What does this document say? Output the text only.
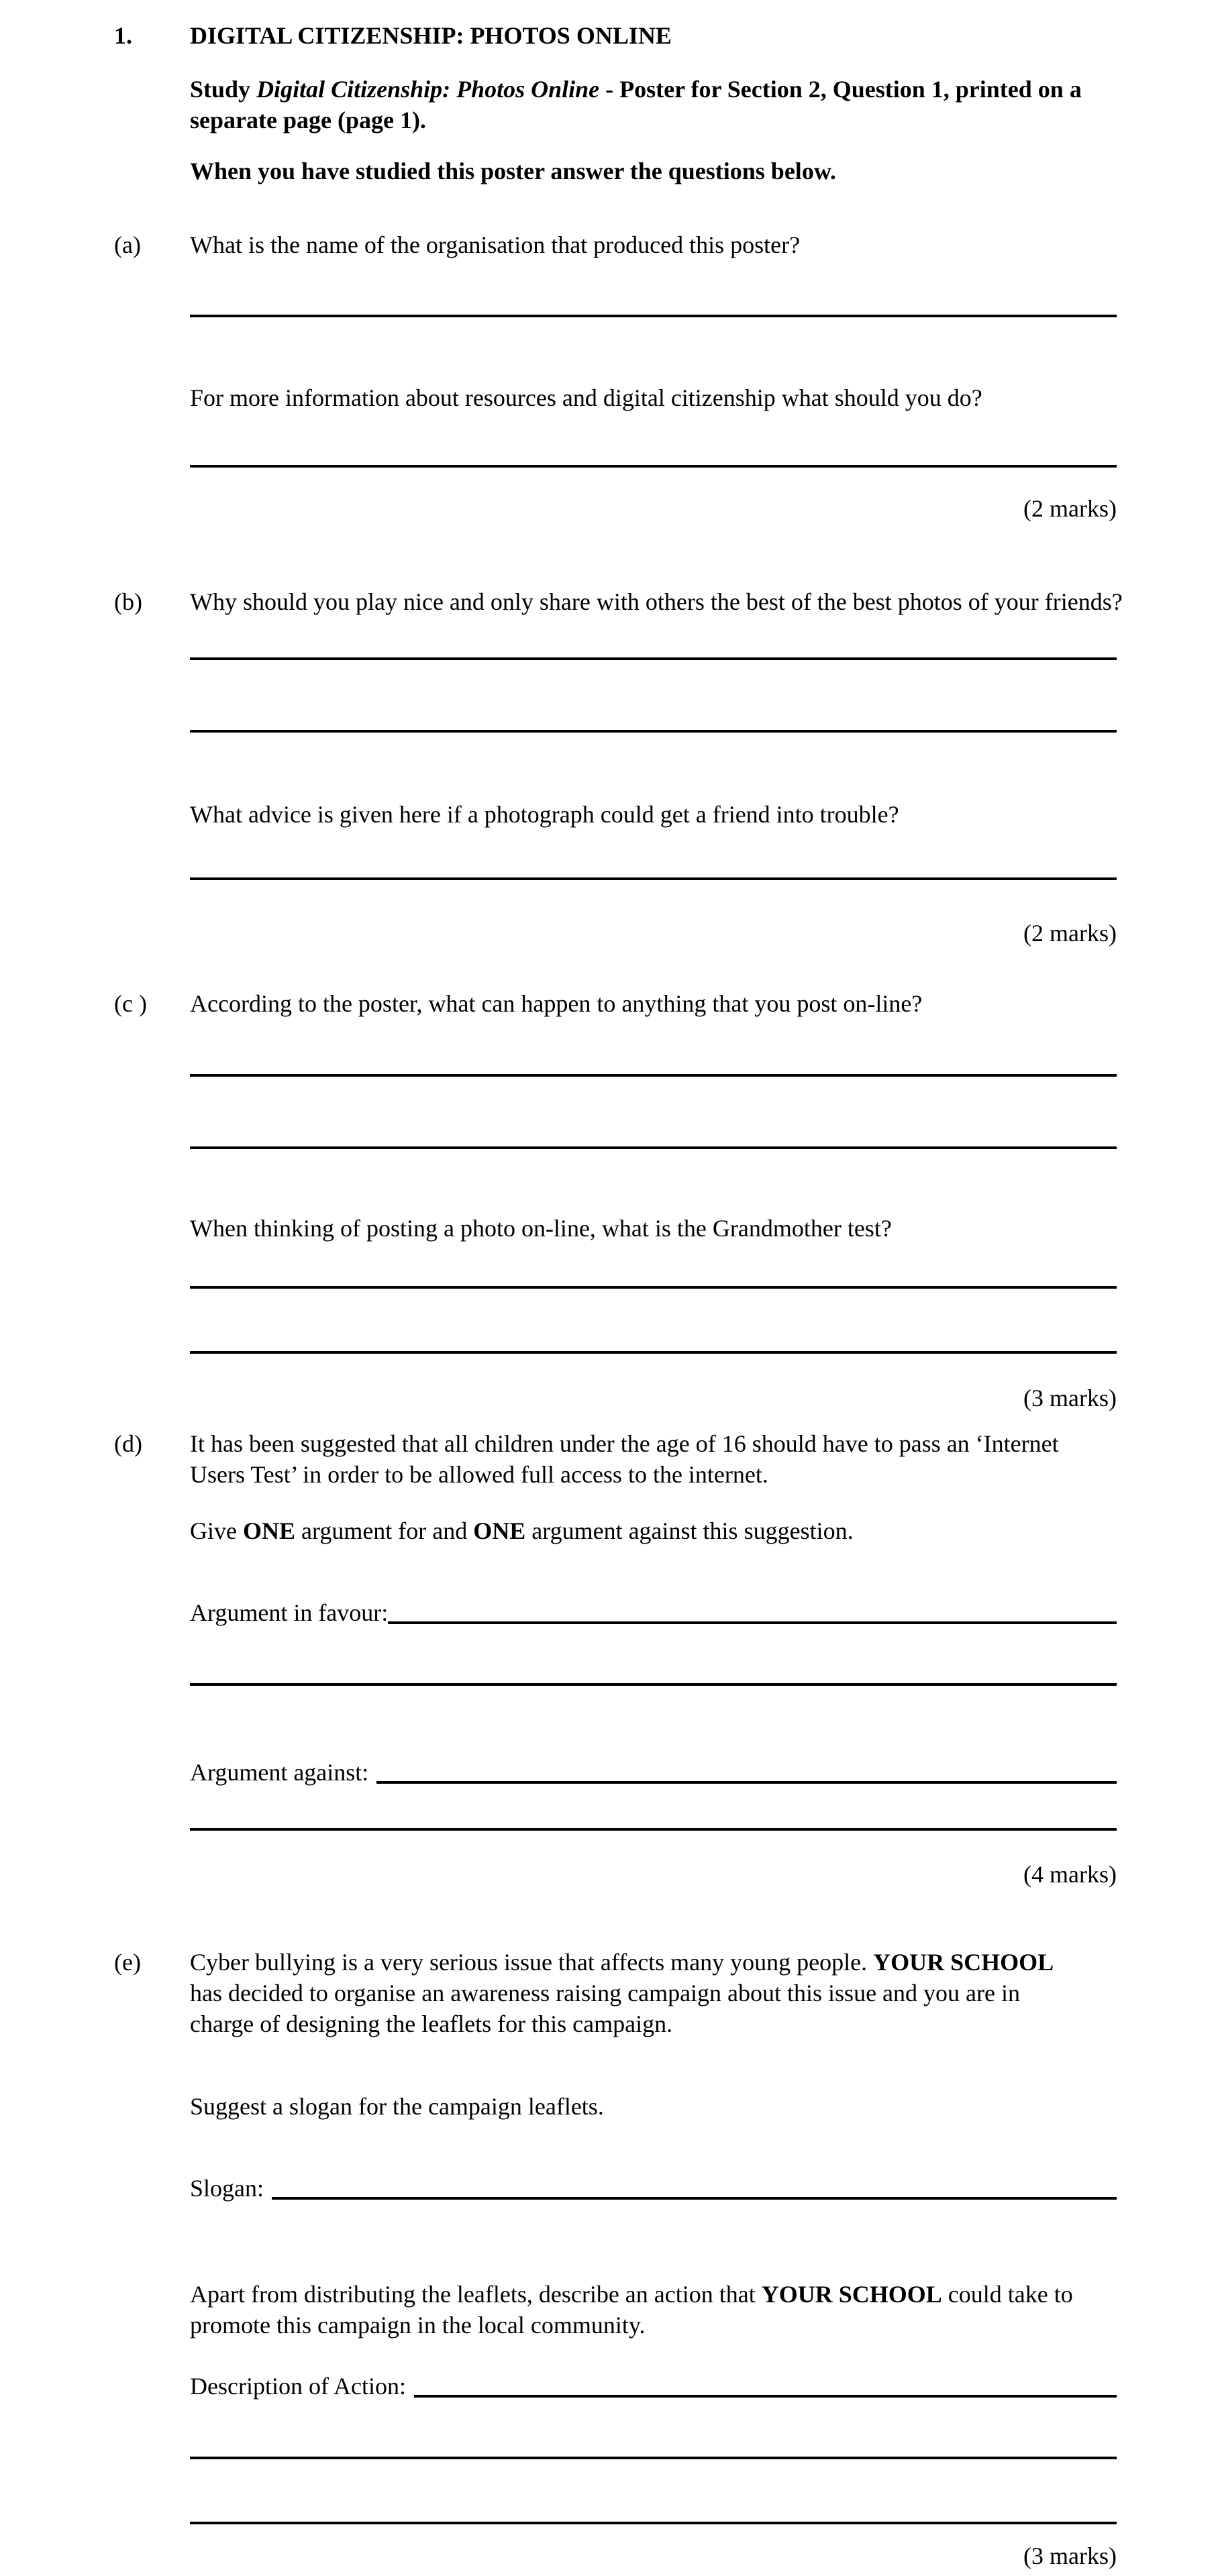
1.	DIGITAL CITIZENSHIP: PHOTOS ONLINE
Study Digital Citizenship: Photos Online - Poster for Section 2, Question 1, printed on a
separate page (page 1).
When you have studied this poster answer the questions below.
(a)	What is the name of the organisation that produced this poster?
For more information about resources and digital citizenship what should you do?
(2 marks)
(b)	Why should you play nice and only share with others the best of the best photos of your friends?
What advice is given here if a photograph could get a friend into trouble?
(2 marks)
(c )	According to the poster, what can happen to anything that you post on-line?
When thinking of posting a photo on-line, what is the Grandmother test?
(3 marks)
(d)	It has been suggested that all children under the age of 16 should have to pass an ‘Internet
Users Test’ in order to be allowed full access to the internet.
Give ONE argument for and ONE argument against this suggestion.
Argument in favour:
Argument against:
(4 marks)
(e)	Cyber bullying is a very serious issue that affects many young people. YOUR SCHOOL
has decided to organise an awareness raising campaign about this issue and you are in
charge of designing the leaflets for this campaign.
Suggest a slogan for the campaign leaflets.
Slogan:
Apart from distributing the leaflets, describe an action that YOUR SCHOOL could take to
promote this campaign in the local community.
Description of Action:
(3 marks)
